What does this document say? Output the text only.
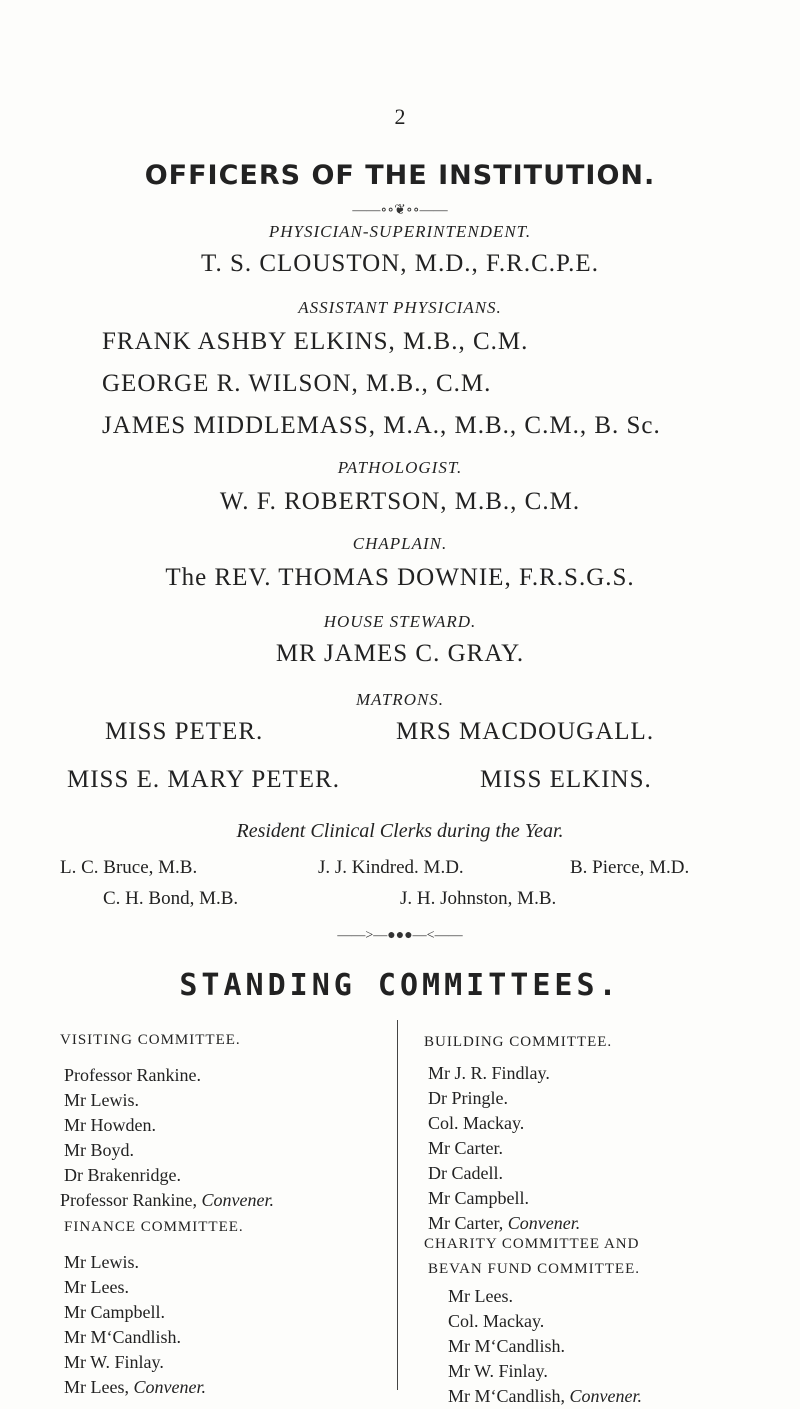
2
OFFICERS OF THE INSTITUTION.
——∘∘❦∘∘——
PHYSICIAN-SUPERINTENDENT.
T. S. CLOUSTON, M.D., F.R.C.P.E.
ASSISTANT PHYSICIANS.
FRANK ASHBY ELKINS, M.B., C.M.
GEORGE R. WILSON, M.B., C.M.
JAMES MIDDLEMASS, M.A., M.B., C.M., B. Sc.
PATHOLOGIST.
W. F. ROBERTSON, M.B., C.M.
CHAPLAIN.
The REV. THOMAS DOWNIE, F.R.S.G.S.
HOUSE STEWARD.
MR JAMES C. GRAY.
MATRONS.
MISS PETER.	MRS MACDOUGALL.
MISS E. MARY PETER.	MISS ELKINS.
Resident Clinical Clerks during the Year.
L. C. Bruce, M.B.	J. J. Kindred. M.D.	B. Pierce, M.D.
C. H. Bond, M.B.	J. H. Johnston, M.B.
——>—●●●—<——
STANDING COMMITTEES.
VISITING COMMITTEE.
Professor Rankine.
Mr Lewis.
Mr Howden.
Mr Boyd.
Dr Brakenridge.
Professor Rankine, Convener.
FINANCE COMMITTEE.
Mr Lewis.
Mr Lees.
Mr Campbell.
Mr M‘Candlish.
Mr W. Finlay.
Mr Lees, Convener.
BUILDING COMMITTEE.
Mr J. R. Findlay.
Dr Pringle.
Col. Mackay.
Mr Carter.
Dr Cadell.
Mr Campbell.
Mr Carter, Convener.
CHARITY COMMITTEE AND
BEVAN FUND COMMITTEE.
Mr Lees.
Col. Mackay.
Mr M‘Candlish.
Mr W. Finlay.
Mr M‘Candlish, Convener.
